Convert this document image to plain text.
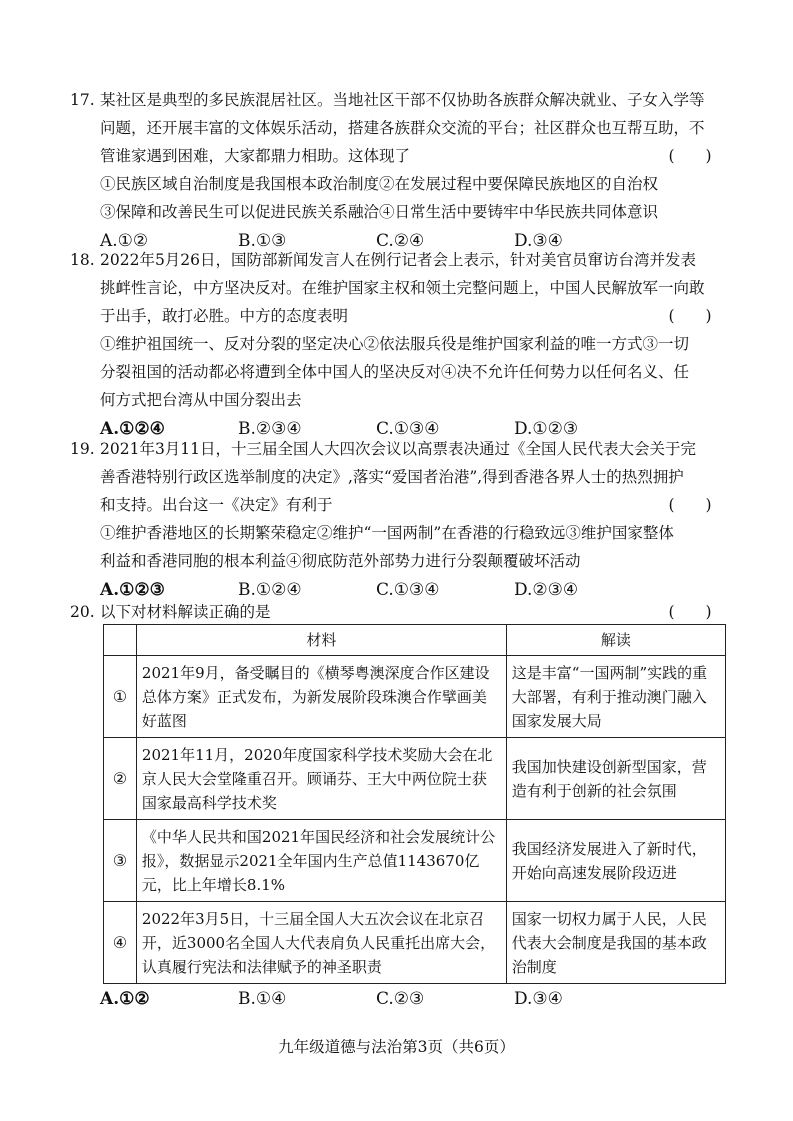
17. 某社区是典型的多民族混居社区。当地社区干部不仅协助各族群众解决就业、子女入学等
问题，还开展丰富的文体娱乐活动，搭建各族群众交流的平台；社区群众也互帮互助，不
管谁家遇到困难，大家都鼎力相助。这体现了	(　　)
①民族区域自治制度是我国根本政治制度②在发展过程中要保障民族地区的自治权
③保障和改善民生可以促进民族关系融洽④日常生活中要铸牢中华民族共同体意识
A.①②	B.①③	C.②④	D.③④
18. 2022年5月26日，国防部新闻发言人在例行记者会上表示，针对美官员窜访台湾并发表
挑衅性言论，中方坚决反对。在维护国家主权和领土完整问题上，中国人民解放军一向敢
于出手，敢打必胜。中方的态度表明	(　　)
①维护祖国统一、反对分裂的坚定决心②依法服兵役是维护国家利益的唯一方式③一切
分裂祖国的活动都必将遭到全体中国人的坚决反对④决不允许任何势力以任何名义、任
何方式把台湾从中国分裂出去
A.①②④	B.②③④	C.①③④	D.①②③
19. 2021年3月11日，十三届全国人大四次会议以高票表决通过《全国人民代表大会关于完
善香港特别行政区选举制度的决定》,落实“爱国者治港”,得到香港各界人士的热烈拥护
和支持。出台这一《决定》有利于	(　　)
①维护香港地区的长期繁荣稳定②维护“一国两制”在香港的行稳致远③维护国家整体
利益和香港同胞的根本利益④彻底防范外部势力进行分裂颠覆破坏活动
A.①②③	B.①②④	C.①③④	D.②③④
20. 以下对材料解读正确的是	(　　)
	材料	解读
①	2021年9月，备受瞩目的《横琴粤澳深度合作区建设总体方案》正式发布，为新发展阶段珠澳合作擘画美好蓝图	这是丰富“一国两制”实践的重大部署，有利于推动澳门融入国家发展大局
②	2021年11月，2020年度国家科学技术奖励大会在北京人民大会堂隆重召开。顾诵芬、王大中两位院士获国家最高科学技术奖	我国加快建设创新型国家，营造有利于创新的社会氛围
③	《中华人民共和国2021年国民经济和社会发展统计公报》，数据显示2021全年国内生产总值1143670亿元，比上年增长8.1%	我国经济发展进入了新时代，开始向高速发展阶段迈进
④	2022年3月5日，十三届全国人大五次会议在北京召开，近3000名全国人大代表肩负人民重托出席大会，认真履行宪法和法律赋予的神圣职责	国家一切权力属于人民，人民代表大会制度是我国的基本政治制度
A.①②	B.①④	C.②③	D.③④
九年级道德与法治第3页（共6页）
